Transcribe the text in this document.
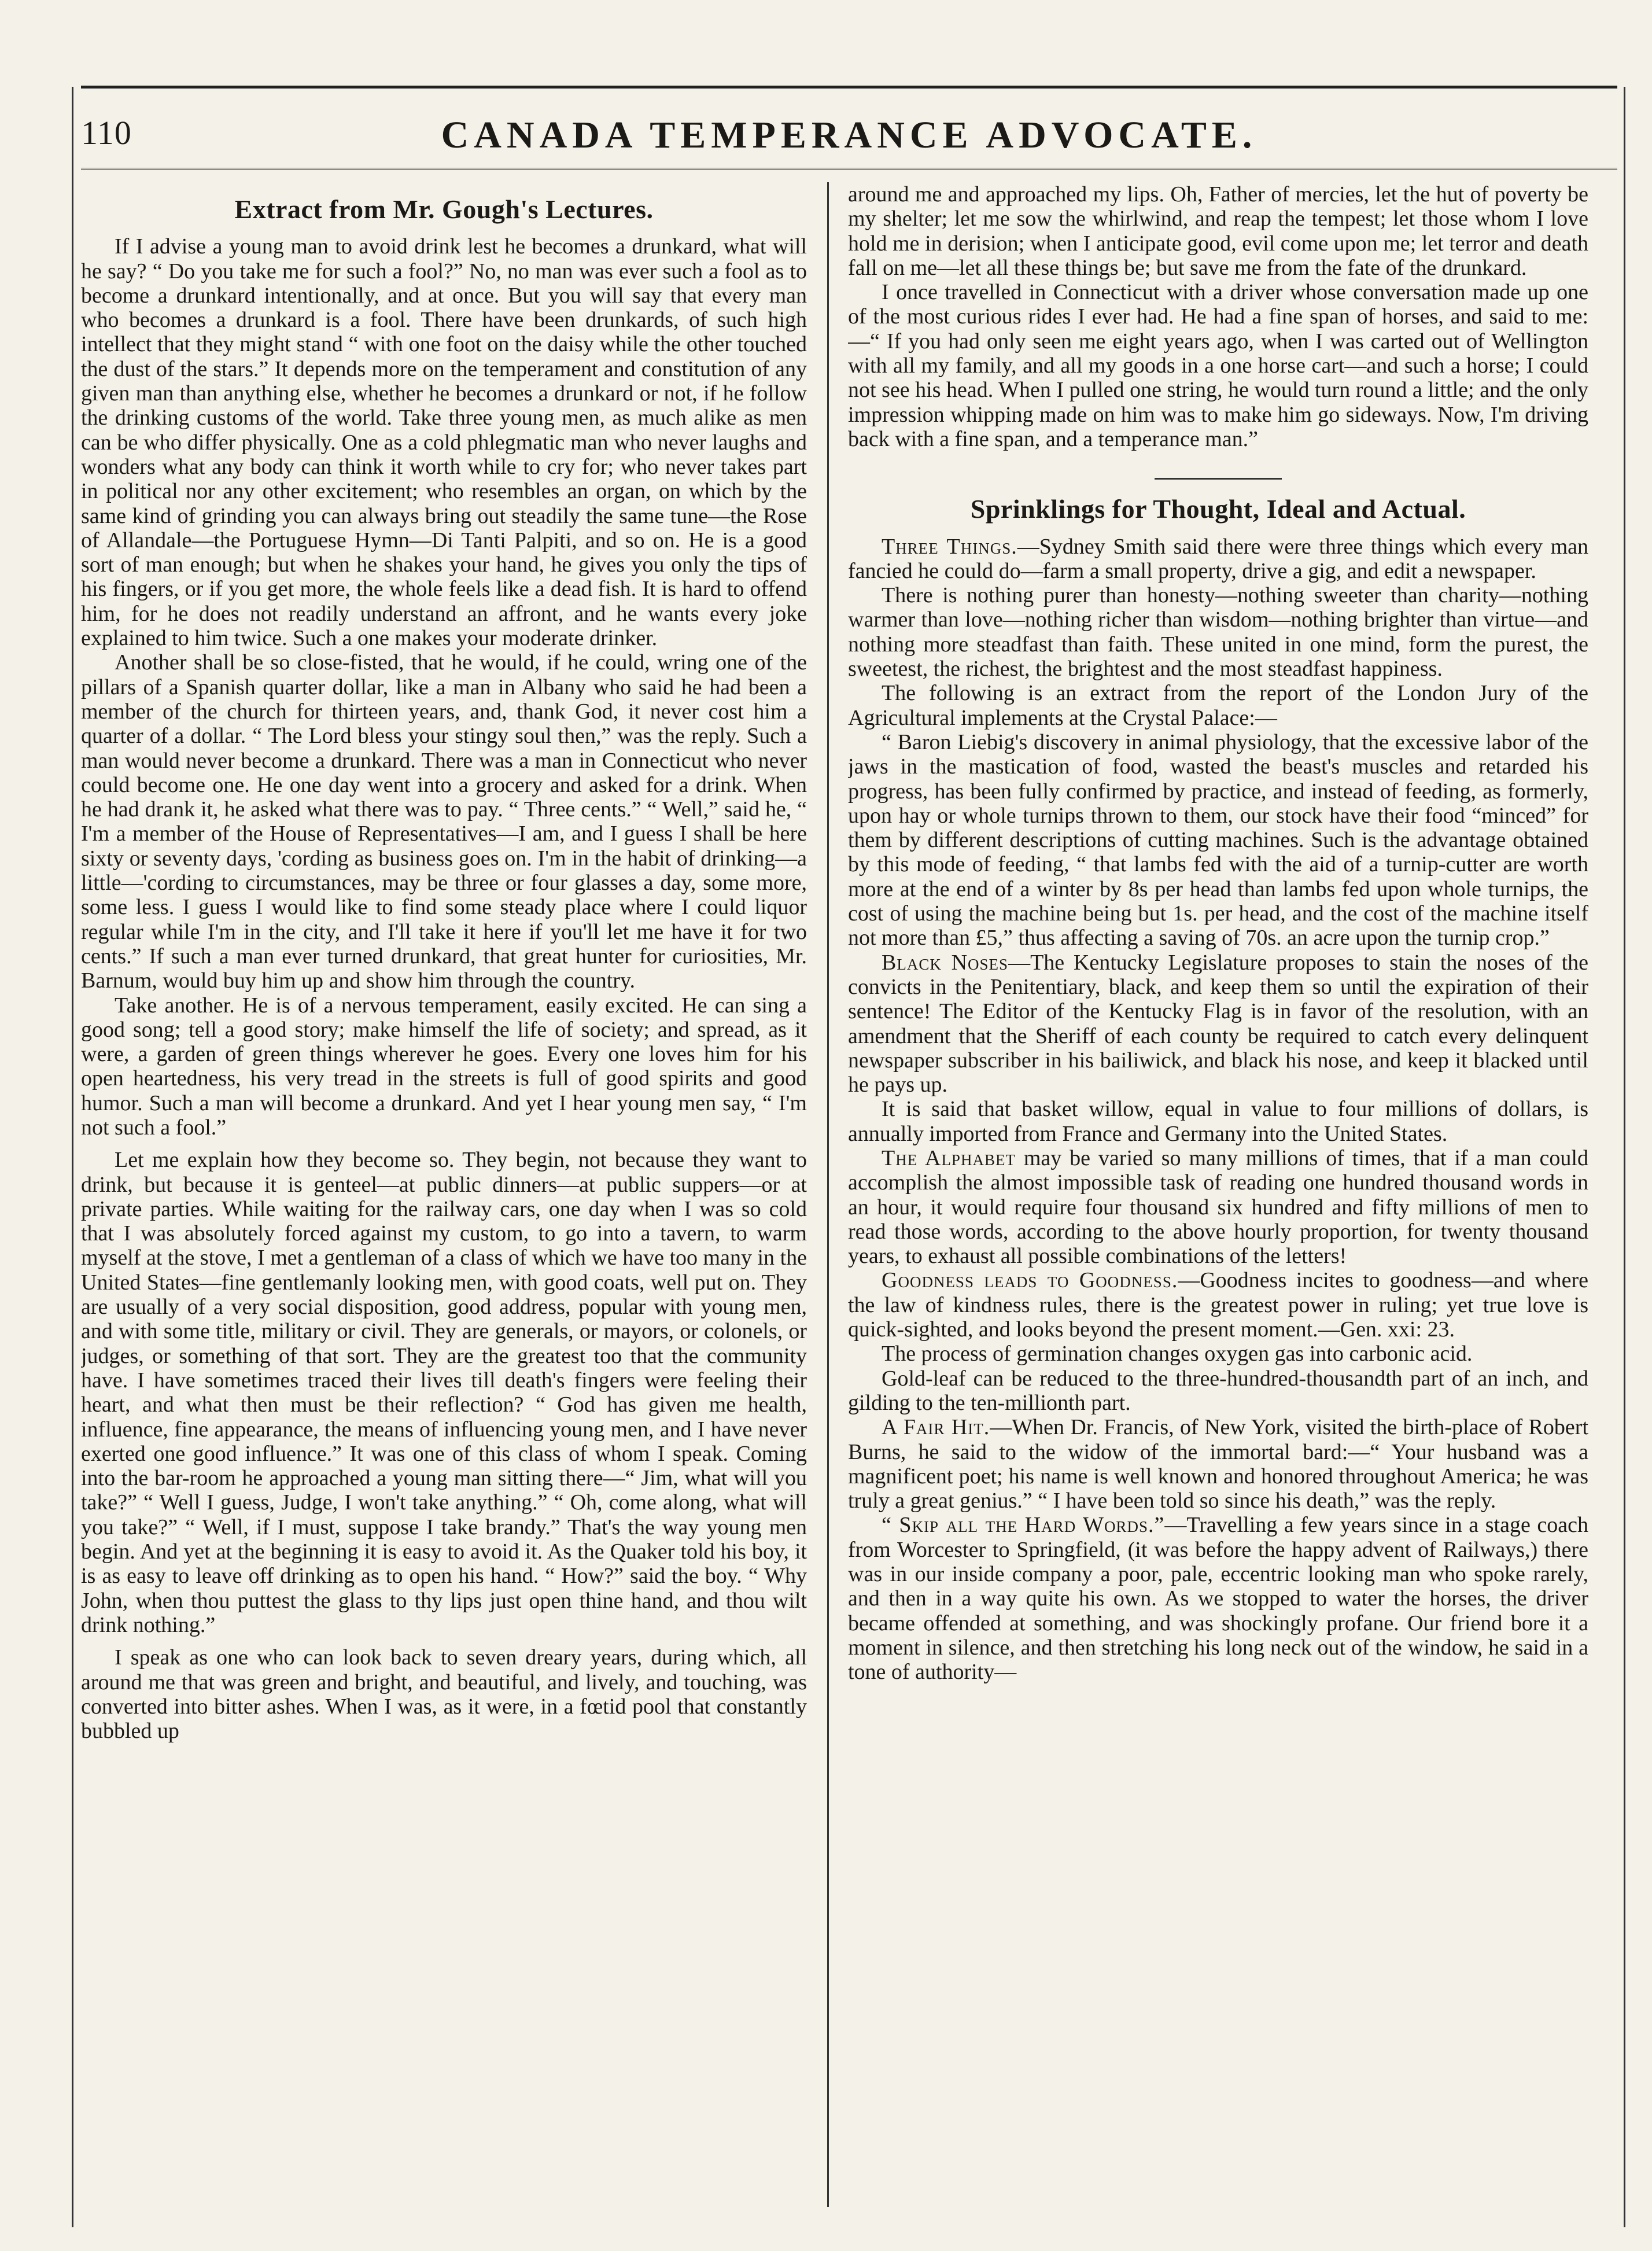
110	CANADA TEMPERANCE ADVOCATE.
Extract from Mr. Gough's Lectures.

If I advise a young man to avoid drink lest he becomes a drunkard, what will he say? “ Do you take me for such a fool?” No, no man was ever such a fool as to become a drunkard intentionally, and at once. But you will say that every man who becomes a drunkard is a fool. There have been drunkards, of such high intellect that they might stand “ with one foot on the daisy while the other touched the dust of the stars.” It depends more on the temperament and constitution of any given man than anything else, whether he becomes a drunkard or not, if he follow the drinking customs of the world. Take three young men, as much alike as men can be who differ physically. One as a cold phlegmatic man who never laughs and wonders what any body can think it worth while to cry for; who never takes part in political nor any other excitement; who resembles an organ, on which by the same kind of grinding you can always bring out steadily the same tune—the Rose of Allandale—the Portuguese Hymn—Di Tanti Palpiti, and so on. He is a good sort of man enough; but when he shakes your hand, he gives you only the tips of his fingers, or if you get more, the whole feels like a dead fish. It is hard to offend him, for he does not readily understand an affront, and he wants every joke explained to him twice. Such a one makes your moderate drinker.

Another shall be so close-fisted, that he would, if he could, wring one of the pillars of a Spanish quarter dollar, like a man in Albany who said he had been a member of the church for thirteen years, and, thank God, it never cost him a quarter of a dollar. “ The Lord bless your stingy soul then,” was the reply. Such a man would never become a drunkard. There was a man in Connecticut who never could become one. He one day went into a grocery and asked for a drink. When he had drank it, he asked what there was to pay. “ Three cents.” “ Well,” said he, “ I'm a member of the House of Representatives—I am, and I guess I shall be here sixty or seventy days, 'cording as business goes on. I'm in the habit of drinking—a little—'cording to circumstances, may be three or four glasses a day, some more, some less. I guess I would like to find some steady place where I could liquor regular while I'm in the city, and I'll take it here if you'll let me have it for two cents.” If such a man ever turned drunkard, that great hunter for curiosities, Mr. Barnum, would buy him up and show him through the country.

Take another. He is of a nervous temperament, easily excited. He can sing a good song; tell a good story; make himself the life of society; and spread, as it were, a garden of green things wherever he goes. Every one loves him for his open heartedness, his very tread in the streets is full of good spirits and good humor. Such a man will become a drunkard. And yet I hear young men say, “ I'm not such a fool.”

Let me explain how they become so. They begin, not because they want to drink, but because it is genteel—at public dinners—at public suppers—or at private parties. While waiting for the railway cars, one day when I was so cold that I was absolutely forced against my custom, to go into a tavern, to warm myself at the stove, I met a gentleman of a class of which we have too many in the United States—fine gentlemanly looking men, with good coats, well put on. They are usually of a very social disposition, good address, popular with young men, and with some title, military or civil. They are generals, or mayors, or colonels, or judges, or something of that sort. They are the greatest too that the community have. I have sometimes traced their lives till death's fingers were feeling their heart, and what then must be their reflection? “ God has given me health, influence, fine appearance, the means of influencing young men, and I have never exerted one good influence.” It was one of this class of whom I speak. Coming into the bar-room he approached a young man sitting there—“ Jim, what will you take?” “ Well I guess, Judge, I won't take anything.” “ Oh, come along, what will you take?” “ Well, if I must, suppose I take brandy.” That's the way young men begin. And yet at the beginning it is easy to avoid it. As the Quaker told his boy, it is as easy to leave off drinking as to open his hand. “ How?” said the boy. “ Why John, when thou puttest the glass to thy lips just open thine hand, and thou wilt drink nothing.”

I speak as one who can look back to seven dreary years, during which, all around me that was green and bright, and beautiful, and lively, and touching, was converted into bitter ashes. When I was, as it were, in a fœtid pool that constantly bubbled up

around me and approached my lips. Oh, Father of mercies, let the hut of poverty be my shelter; let me sow the whirlwind, and reap the tempest; let those whom I love hold me in derision; when I anticipate good, evil come upon me; let terror and death fall on me—let all these things be; but save me from the fate of the drunkard.

I once travelled in Connecticut with a driver whose conversation made up one of the most curious rides I ever had. He had a fine span of horses, and said to me:—“ If you had only seen me eight years ago, when I was carted out of Wellington with all my family, and all my goods in a one horse cart—and such a horse; I could not see his head. When I pulled one string, he would turn round a little; and the only impression whipping made on him was to make him go sideways. Now, I'm driving back with a fine span, and a temperance man.”

Sprinklings for Thought, Ideal and Actual.

Three Things.—Sydney Smith said there were three things which every man fancied he could do—farm a small property, drive a gig, and edit a newspaper.

There is nothing purer than honesty—nothing sweeter than charity—nothing warmer than love—nothing richer than wisdom—nothing brighter than virtue—and nothing more steadfast than faith. These united in one mind, form the purest, the sweetest, the richest, the brightest and the most steadfast happiness.

The following is an extract from the report of the London Jury of the Agricultural implements at the Crystal Palace:—

“ Baron Liebig's discovery in animal physiology, that the excessive labor of the jaws in the mastication of food, wasted the beast's muscles and retarded his progress, has been fully confirmed by practice, and instead of feeding, as formerly, upon hay or whole turnips thrown to them, our stock have their food “minced” for them by different descriptions of cutting machines. Such is the advantage obtained by this mode of feeding, “ that lambs fed with the aid of a turnip-cutter are worth more at the end of a winter by 8s per head than lambs fed upon whole turnips, the cost of using the machine being but 1s. per head, and the cost of the machine itself not more than £5,” thus affecting a saving of 70s. an acre upon the turnip crop.”

Black Noses—The Kentucky Legislature proposes to stain the noses of the convicts in the Penitentiary, black, and keep them so until the expiration of their sentence! The Editor of the Kentucky Flag is in favor of the resolution, with an amendment that the Sheriff of each county be required to catch every delinquent newspaper subscriber in his bailiwick, and black his nose, and keep it blacked until he pays up.

It is said that basket willow, equal in value to four millions of dollars, is annually imported from France and Germany into the United States.

The Alphabet may be varied so many millions of times, that if a man could accomplish the almost impossible task of reading one hundred thousand words in an hour, it would require four thousand six hundred and fifty millions of men to read those words, according to the above hourly proportion, for twenty thousand years, to exhaust all possible combinations of the letters!

Goodness leads to Goodness.—Goodness incites to goodness—and where the law of kindness rules, there is the greatest power in ruling; yet true love is quick-sighted, and looks beyond the present moment.—Gen. xxi: 23.

The process of germination changes oxygen gas into carbonic acid.

Gold-leaf can be reduced to the three-hundred-thousandth part of an inch, and gilding to the ten-millionth part.

A Fair Hit.—When Dr. Francis, of New York, visited the birth-place of Robert Burns, he said to the widow of the immortal bard:—“ Your husband was a magnificent poet; his name is well known and honored throughout America; he was truly a great genius.” “ I have been told so since his death,” was the reply.

“ Skip all the Hard Words.”—Travelling a few years since in a stage coach from Worcester to Springfield, (it was before the happy advent of Railways,) there was in our inside company a poor, pale, eccentric looking man who spoke rarely, and then in a way quite his own. As we stopped to water the horses, the driver became offended at something, and was shockingly profane. Our friend bore it a moment in silence, and then stretching his long neck out of the window, he said in a tone of authority—
